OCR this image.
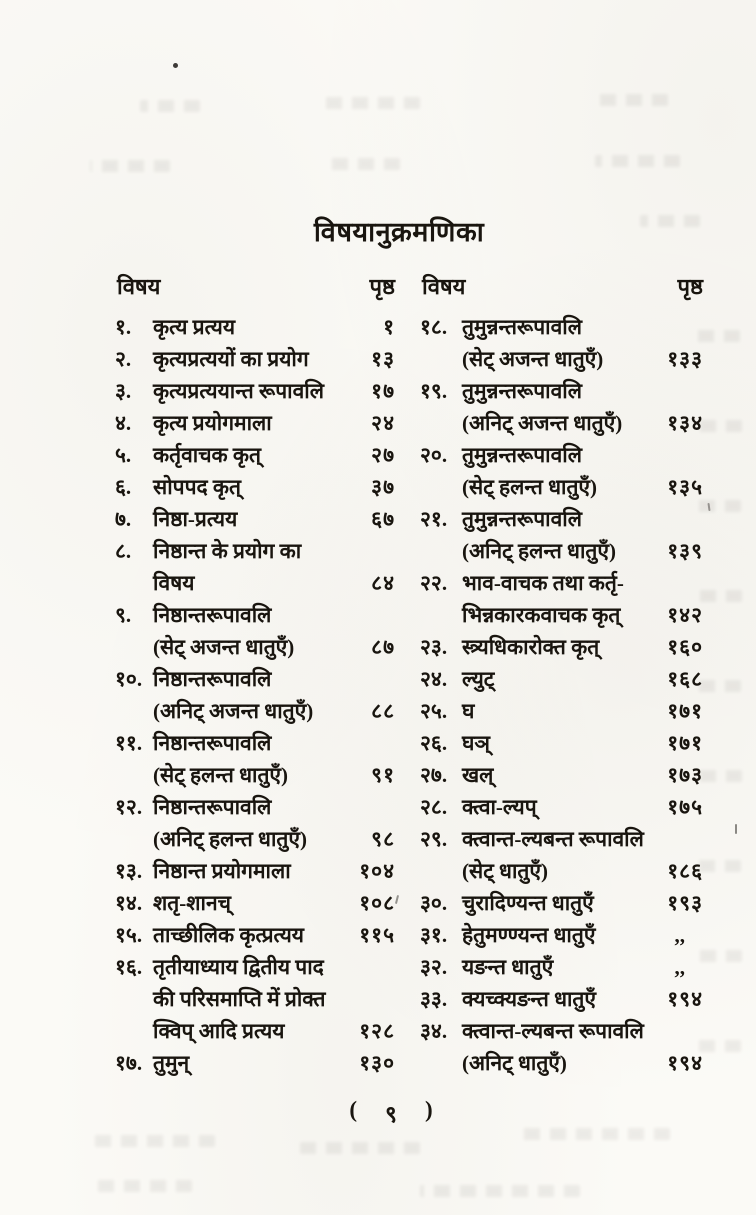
विषयानुक्रमणिका
विषय	पृष्ठ
१.	कृत्य प्रत्यय	१
२.	कृत्यप्रत्ययों का प्रयोग	१३
३.	कृत्यप्रत्ययान्त रूपावलि	१७
४.	कृत्य प्रयोगमाला	२४
५.	कर्तृवाचक कृत्	२७
६.	सोपपद कृत्	३७
७.	निष्ठा-प्रत्यय	६७
८.	निष्ठान्त के प्रयोग का
विषय	८४
९.	निष्ठान्तरूपावलि
(सेट् अजन्त धातुएँ)	८७
१०. निष्ठान्तरूपावलि
(अनिट् अजन्त धातुएँ)	८८
११. निष्ठान्तरूपावलि
(सेट् हलन्त धातुएँ)	९१
१२. निष्ठान्तरूपावलि
(अनिट् हलन्त धातुएँ)	९८
१३. निष्ठान्त प्रयोगमाला	१०४
१४. शतृ-शानच्	१०८
१५. ताच्छीलिक कृत्प्रत्यय	११५
१६. तृतीयाध्याय द्वितीय पाद
की परिसमाप्ति में प्रोक्त
क्विप् आदि प्रत्यय	१२८
१७. तुमुन्	१३०
विषय	पृष्ठ
१८. तुमुन्नन्तरूपावलि
(सेट् अजन्त धातुएँ)	१३३
१९. तुमुन्नन्तरूपावलि
(अनिट् अजन्त धातुएँ)	१३४
२०. तुमुन्नन्तरूपावलि
(सेट् हलन्त धातुएँ)	१३५
२१. तुमुन्नन्तरूपावलि
(अनिट् हलन्त धातुएँ)	१३९
२२. भाव-वाचक तथा कर्तृ-
भिन्नकारकवाचक कृत्	१४२
२३. स्त्र्यधिकारोक्त कृत्	१६०
२४. ल्युट्	१६८
२५. घ	१७१
२६. घञ्	१७१
२७. खल्	१७३
२८. क्त्वा-ल्यप्	१७५
२९. क्त्वान्त-ल्यबन्त रूपावलि
(सेट् धातुएँ)	१८६
३०. चुरादिण्यन्त धातुएँ	१९३
३१. हेतुमण्ण्यन्त धातुएँ	,,
३२. यङन्त धातुएँ	,,
३३. क्यच्क्यङन्त धातुएँ	१९४
३४. क्त्वान्त-ल्यबन्त रूपावलि
(अनिट् धातुएँ)	१९४
( ९ )
